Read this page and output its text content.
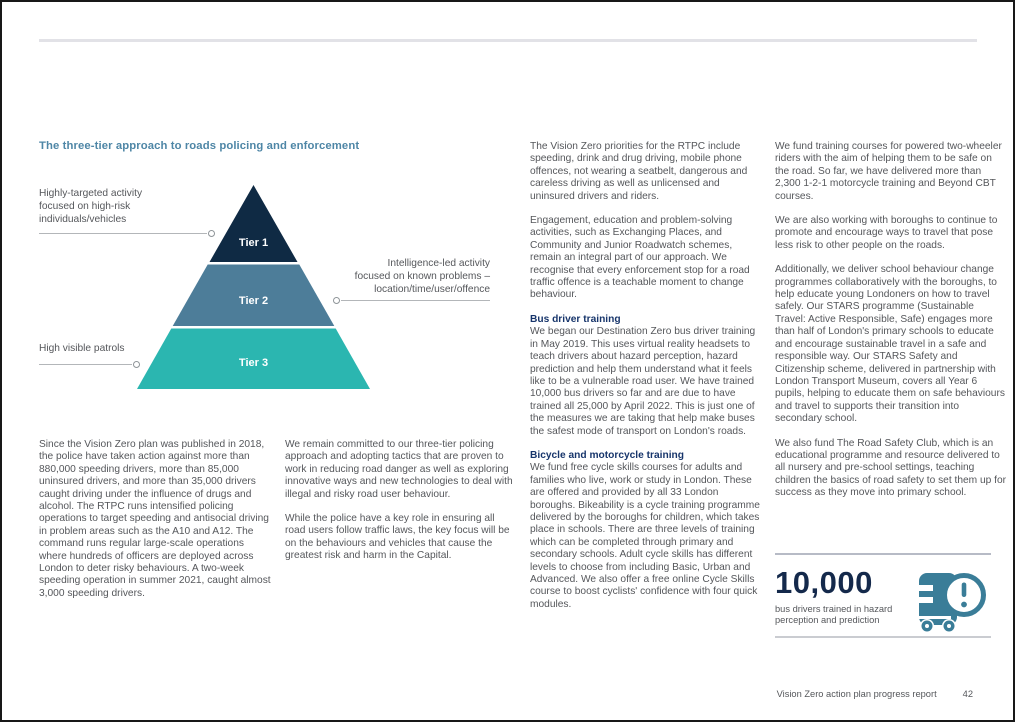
The three-tier approach to roads policing and enforcement
Highly-targeted activity focused on high-risk individuals/vehicles
Intelligence-led activity focused on known problems – location/time/user/offence
High visible patrols
Tier 1
Tier 2
Tier 3

Since the Vision Zero plan was published in 2018, the police have taken action against more than 880,000 speeding drivers, more than 85,000 uninsured drivers, and more than 35,000 drivers caught driving under the influence of drugs and alcohol. The RTPC runs intensified policing operations to target speeding and antisocial driving in problem areas such as the A10 and A12. The command runs regular large-scale operations where hundreds of officers are deployed across London to deter risky behaviours. A two-week speeding operation in summer 2021, caught almost 3,000 speeding drivers.

We remain committed to our three-tier policing approach and adopting tactics that are proven to work in reducing road danger as well as exploring innovative ways and new technologies to deal with illegal and risky road user behaviour.

While the police have a key role in ensuring all road users follow traffic laws, the key focus will be on the behaviours and vehicles that cause the greatest risk and harm in the Capital.

The Vision Zero priorities for the RTPC include speeding, drink and drug driving, mobile phone offences, not wearing a seatbelt, dangerous and careless driving as well as unlicensed and uninsured drivers and riders.

Engagement, education and problem-solving activities, such as Exchanging Places, and Community and Junior Roadwatch schemes, remain an integral part of our approach. We recognise that every enforcement stop for a road traffic offence is a teachable moment to change behaviour.

Bus driver training

We began our Destination Zero bus driver training in May 2019. This uses virtual reality headsets to teach drivers about hazard perception, hazard prediction and help them understand what it feels like to be a vulnerable road user. We have trained 10,000 bus drivers so far and are due to have trained all 25,000 by April 2022. This is just one of the measures we are taking that help make buses the safest mode of transport on London's roads.

Bicycle and motorcycle training

We fund free cycle skills courses for adults and families who live, work or study in London. These are offered and provided by all 33 London boroughs. Bikeability is a cycle training programme delivered by the boroughs for children, which takes place in schools. There are three levels of training which can be completed through primary and secondary schools. Adult cycle skills has different levels to choose from including Basic, Urban and Advanced. We also offer a free online Cycle Skills course to boost cyclists' confidence with four quick modules.

We fund training courses for powered two-wheeler riders with the aim of helping them to be safe on the road. So far, we have delivered more than 2,300 1-2-1 motorcycle training and Beyond CBT courses.

We are also working with boroughs to continue to promote and encourage ways to travel that pose less risk to other people on the roads.

Additionally, we deliver school behaviour change programmes collaboratively with the boroughs, to help educate young Londoners on how to travel safely. Our STARS programme (Sustainable Travel: Active Responsible, Safe) engages more than half of London's primary schools to educate and encourage sustainable travel in a safe and responsible way. Our STARS Safety and Citizenship scheme, delivered in partnership with London Transport Museum, covers all Year 6 pupils, helping to educate them on safe behaviours and travel to supports their transition into secondary school.

We also fund The Road Safety Club, which is an educational programme and resource delivered to all nursery and pre-school settings, teaching children the basics of road safety to set them up for success as they move into primary school.

10,000
bus drivers trained in hazard perception and prediction
Vision Zero action plan progress report	42
